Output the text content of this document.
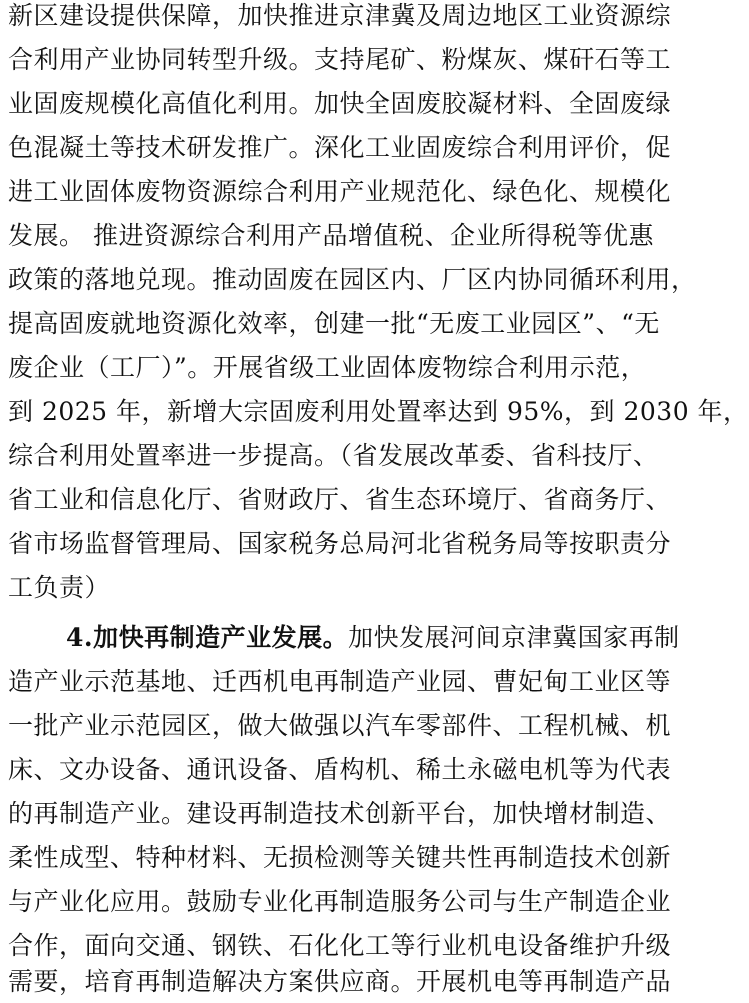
新区建设提供保障，加快推进京津冀及周边地区工业资源综
合利用产业协同转型升级。支持尾矿、粉煤灰、煤矸石等工
业固废规模化高值化利用。加快全固废胶凝材料、全固废绿
色混凝土等技术研发推广。深化工业固废综合利用评价，促
进工业固体废物资源综合利用产业规范化、绿色化、规模化
发展。 推进资源综合利用产品增值税、企业所得税等优惠
政策的落地兑现。推动固废在园区内、厂区内协同循环利用，
提高固废就地资源化效率，创建一批“无废工业园区”、“无
废企业（工厂）”。开展省级工业固体废物综合利用示范，
到 2025 年，新增大宗固废利用处置率达到 95%，到 2030 年，
综合利用处置率进一步提高。（省发展改革委、省科技厅、
省工业和信息化厅、省财政厅、省生态环境厅、省商务厅、
省市场监督管理局、国家税务总局河北省税务局等按职责分
工负责）
4.加快再制造产业发展。加快发展河间京津冀国家再制
造产业示范基地、迁西机电再制造产业园、曹妃甸工业区等
一批产业示范园区，做大做强以汽车零部件、工程机械、机
床、文办设备、通讯设备、盾构机、稀土永磁电机等为代表
的再制造产业。建设再制造技术创新平台，加快增材制造、
柔性成型、特种材料、无损检测等关键共性再制造技术创新
与产业化应用。鼓励专业化再制造服务公司与生产制造企业
合作，面向交通、钢铁、石化化工等行业机电设备维护升级
需要，培育再制造解决方案供应商。开展机电等再制造产品
